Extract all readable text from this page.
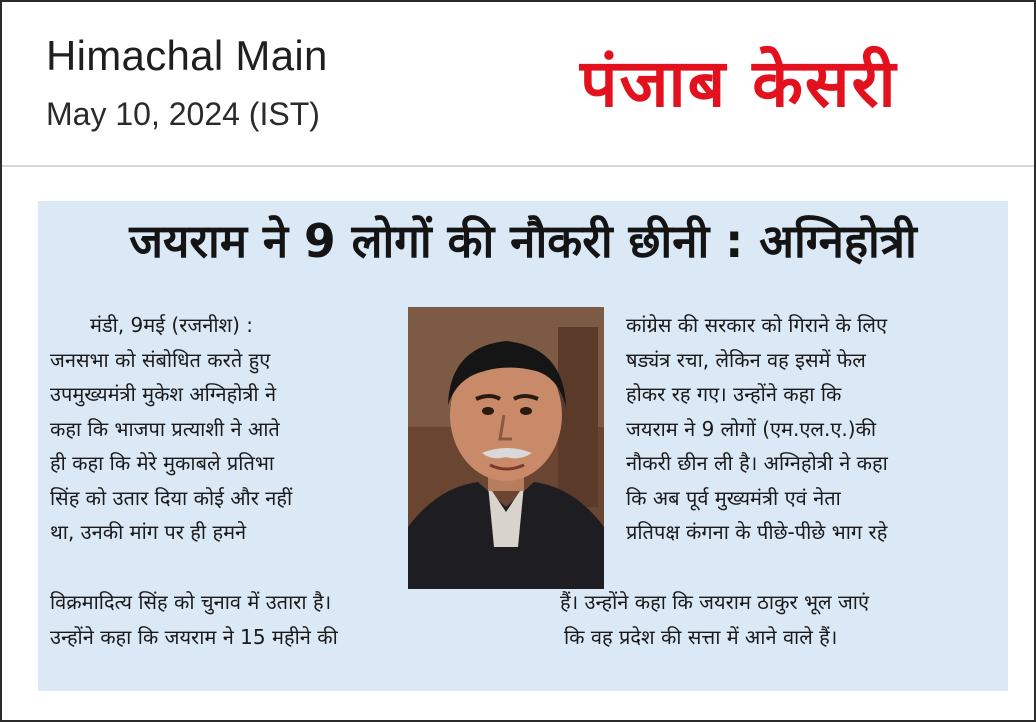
Himachal Main
May 10, 2024 (IST)	पंजाब केसरी
जयराम ने 9 लोगों की नौकरी छीनी : अग्निहोत्री
मंडी, 9मई (रजनीश) :
जनसभा को संबोधित करते हुए
उपमुख्यमंत्री मुकेश अग्निहोत्री ने
कहा कि भाजपा प्रत्याशी ने आते
ही कहा कि मेरे मुकाबले प्रतिभा
सिंह को उतार दिया कोई और नहीं
था, उनकी मांग पर ही हमने
कांग्रेस की सरकार को गिराने के लिए
षड्यंत्र रचा, लेकिन वह इसमें फेल
होकर रह गए। उन्होंने कहा कि
जयराम ने 9 लोगों (एम.एल.ए.)की
नौकरी छीन ली है। अग्निहोत्री ने कहा
कि अब पूर्व मुख्यमंत्री एवं नेता
प्रतिपक्ष कंगना के पीछे-पीछे भाग रहे
विक्रमादित्य सिंह को चुनाव में उतारा है।
उन्होंने कहा कि जयराम ने 15 महीने की
हैं। उन्होंने कहा कि जयराम ठाकुर भूल जाएं
कि वह प्रदेश की सत्ता में आने वाले हैं।
